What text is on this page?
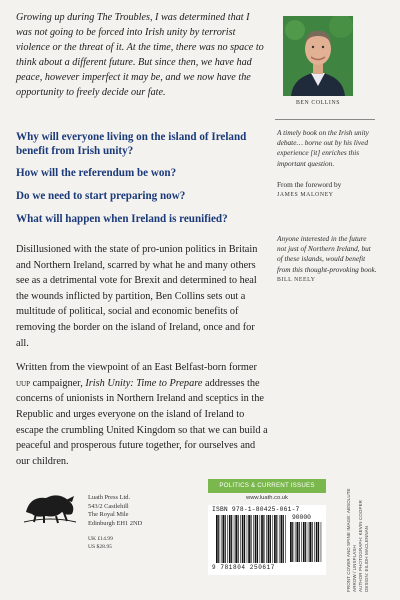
Growing up during The Troubles, I was determined that I was not going to be forced into Irish unity by terrorist violence or the threat of it. At the time, there was no space to think about a different future. But since then, we have had peace, however imperfect it may be, and we now have the opportunity to freely decide our fate.
Why will everyone living on the island of Ireland benefit from Irish unity?
How will the referendum be won?
Do we need to start preparing now?
What will happen when Ireland is reunified?

Disillusioned with the state of pro-union politics in Britain and Northern Ireland, scarred by what he and many others see as a detrimental vote for Brexit and determined to heal the wounds inflicted by partition, Ben Collins sets out a multitude of political, social and economic benefits of removing the border on the island of Ireland, once and for all.

Written from the viewpoint of an East Belfast-born former uup campaigner, Irish Unity: Time to Prepare addresses the concerns of unionists in Northern Ireland and sceptics in the Republic and urges everyone on the island of Ireland to escape the crumbling United Kingdom so that we can build a peaceful and prosperous future together, for ourselves and our children.

BEN COLLINS
A timely book on the Irish unity debate… borne out by his lived experience [it] enriches this important question.
From the foreword by
JAMES MALONEY
Anyone interested in the future not just of Northern Ireland, but of these islands, would benefit from this thought-provoking book.
BILL NEELY
Luath Press Ltd.
543/2 Castlehill
The Royal Mile
Edinburgh EH1 2ND
UK £14.99
US $28.95
POLITICS & CURRENT ISSUES
www.luath.co.uk
ISBN 978-1-80425-061-7
90000
9 781804 250617	FRONT COVER AND SPINE IMAGE: ABSOLUTE ARROW / UNSPLASH AUTHOR PHOTOGRAPH: KEVIN COOPER DESIGN: EILIDH MACLENNAN
